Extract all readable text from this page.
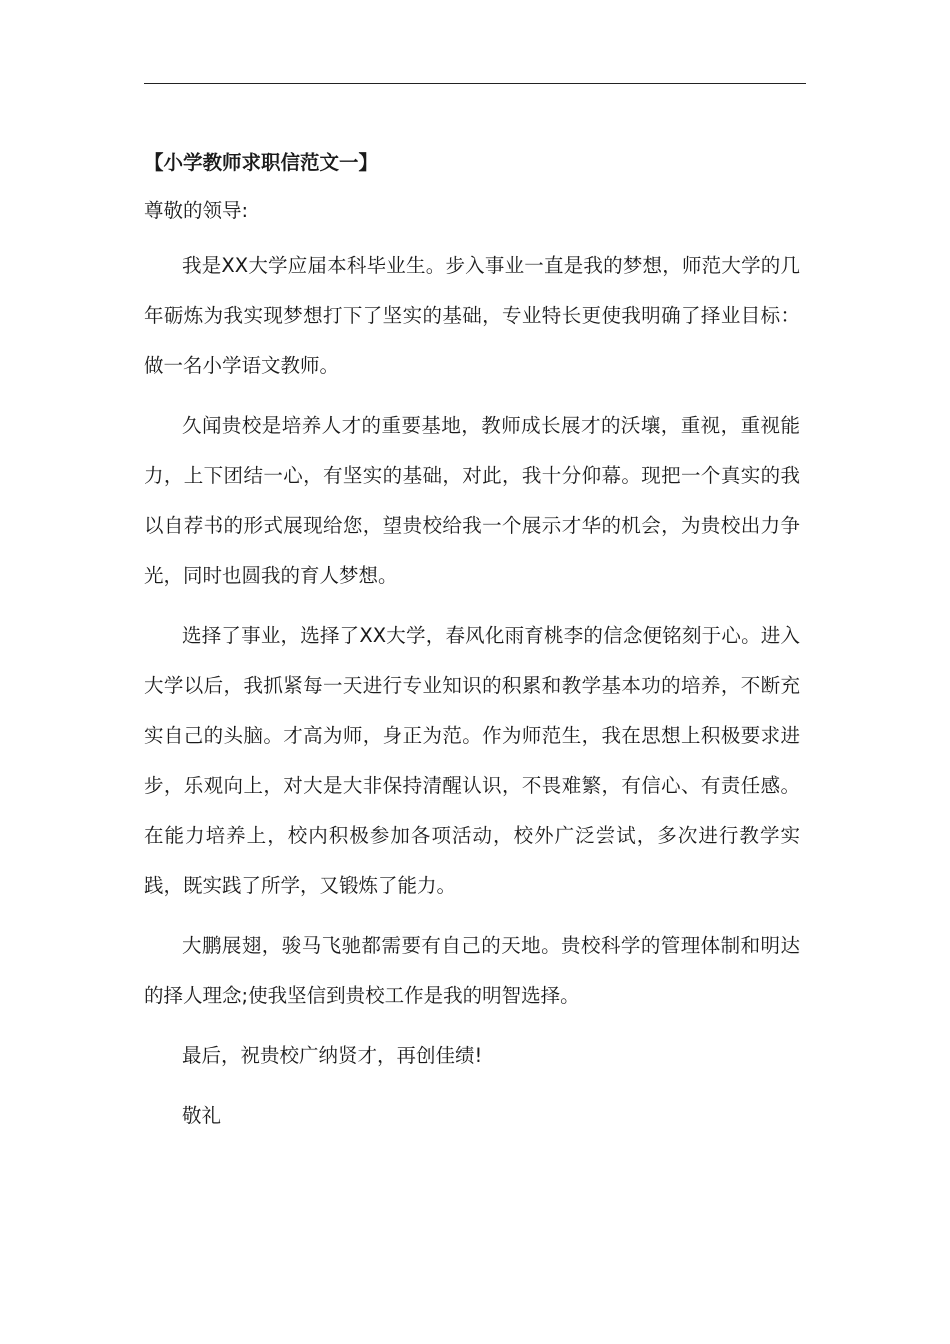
【小学教师求职信范文一】
尊敬的领导:
我是XX大学应届本科毕业生。步入事业一直是我的梦想，师范大学的几年砺炼为我实现梦想打下了坚实的基础，专业特长更使我明确了择业目标：做一名小学语文教师。
久闻贵校是培养人才的重要基地，教师成长展才的沃壤，重视，重视能力，上下团结一心，有坚实的基础，对此，我十分仰幕。现把一个真实的我以自荐书的形式展现给您，望贵校给我一个展示才华的机会，为贵校出力争光，同时也圆我的育人梦想。
选择了事业，选择了XX大学，春风化雨育桃李的信念便铭刻于心。进入大学以后，我抓紧每一天进行专业知识的积累和教学基本功的培养，不断充实自己的头脑。才高为师，身正为范。作为师范生，我在思想上积极要求进步，乐观向上，对大是大非保持清醒认识，不畏难繁，有信心、有责任感。在能力培养上，校内积极参加各项活动，校外广泛尝试，多次进行教学实践，既实践了所学，又锻炼了能力。
大鹏展翅，骏马飞驰都需要有自己的天地。贵校科学的管理体制和明达的择人理念;使我坚信到贵校工作是我的明智选择。
最后，祝贵校广纳贤才，再创佳绩!
敬礼
